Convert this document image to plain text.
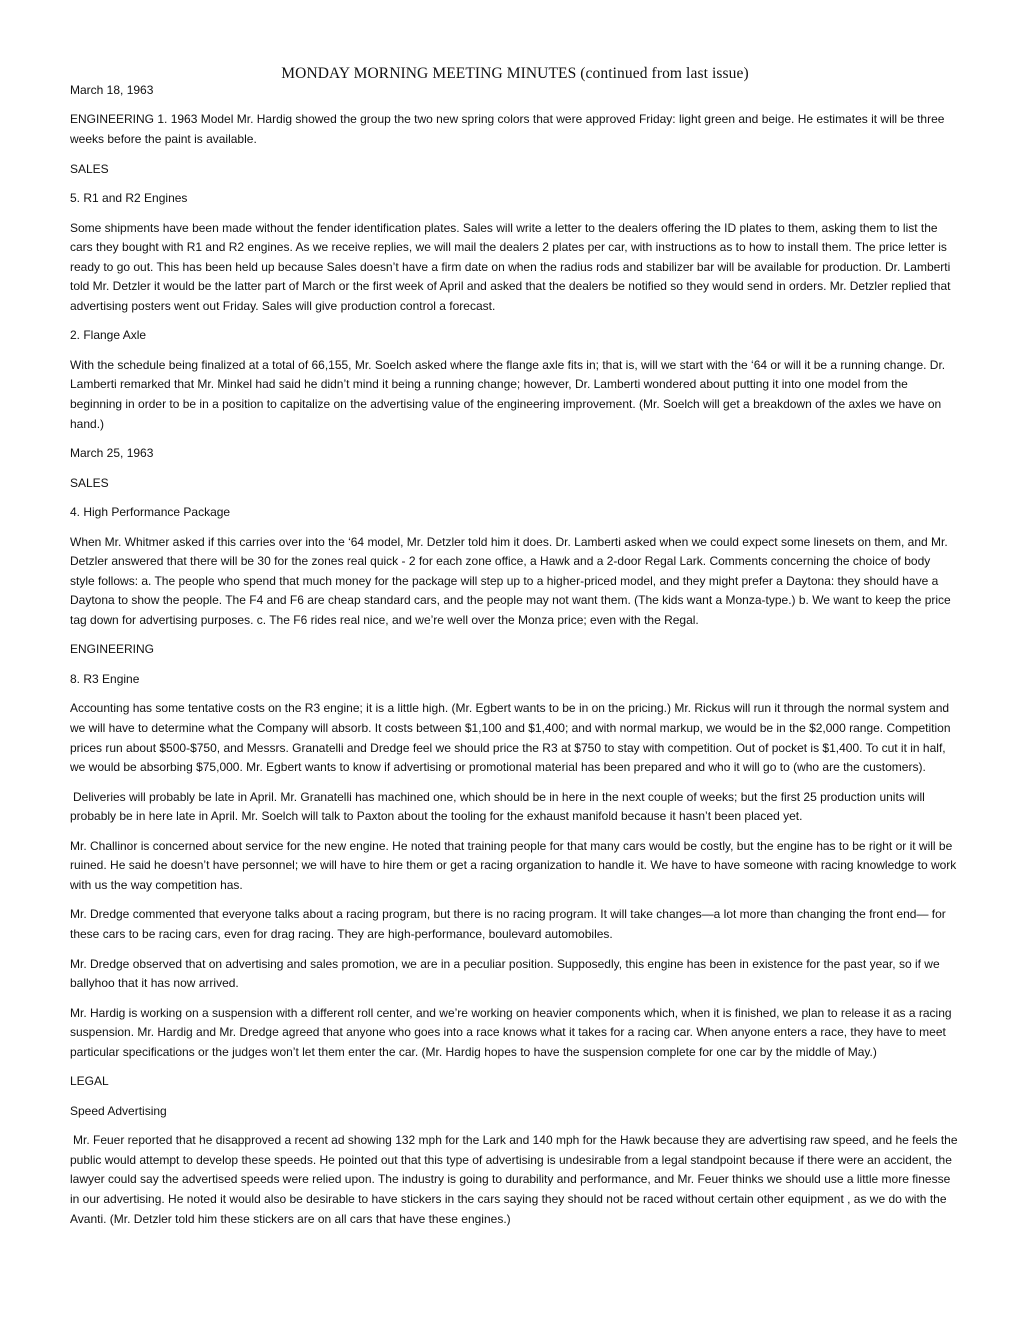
MONDAY MORNING MEETING MINUTES (continued from last issue)

March 18, 1963

ENGINEERING 1. 1963 Model Mr. Hardig showed the group the two new spring colors that were approved Friday: light green and beige. He estimates it will be three weeks before the paint is available.

SALES

5. R1 and R2 Engines

Some shipments have been made without the fender identification plates. Sales will write a letter to the dealers offering the ID plates to them, asking them to list the cars they bought with R1 and R2 engines. As we receive replies, we will mail the dealers 2 plates per car, with instructions as to how to install them. The price letter is ready to go out. This has been held up because Sales doesn’t have a firm date on when the radius rods and stabilizer bar will be available for production. Dr. Lamberti told Mr. Detzler it would be the latter part of March or the first week of April and asked that the dealers be notified so they would send in orders. Mr. Detzler replied that advertising posters went out Friday. Sales will give production control a forecast.

2. Flange Axle

With the schedule being finalized at a total of 66,155, Mr. Soelch asked where the flange axle fits in; that is, will we start with the ‘64 or will it be a running change. Dr. Lamberti remarked that Mr. Minkel had said he didn’t mind it being a running change; however, Dr. Lamberti wondered about putting it into one model from the beginning in order to be in a position to capitalize on the advertising value of the engineering improvement. (Mr. Soelch will get a breakdown of the axles we have on hand.)

March 25, 1963

SALES

4. High Performance Package

When Mr. Whitmer asked if this carries over into the ‘64 model, Mr. Detzler told him it does. Dr. Lamberti asked when we could expect some linesets on them, and Mr. Detzler answered that there will be 30 for the zones real quick - 2 for each zone office, a Hawk and a 2-door Regal Lark. Comments concerning the choice of body style follows: a. The people who spend that much money for the package will step up to a higher-priced model, and they might prefer a Daytona: they should have a Daytona to show the people. The F4 and F6 are cheap standard cars, and the people may not want them. (The kids want a Monza-type.) b. We want to keep the price tag down for advertising purposes. c. The F6 rides real nice, and we’re well over the Monza price; even with the Regal.

ENGINEERING

8. R3 Engine

Accounting has some tentative costs on the R3 engine; it is a little high. (Mr. Egbert wants to be in on the pricing.) Mr. Rickus will run it through the normal system and we will have to determine what the Company will absorb. It costs between $1,100 and $1,400; and with normal markup, we would be in the $2,000 range. Competition prices run about $500-$750, and Messrs. Granatelli and Dredge feel we should price the R3 at $750 to stay with competition. Out of pocket is $1,400. To cut it in half, we would be absorbing $75,000. Mr. Egbert wants to know if advertising or promotional material has been prepared and who it will go to (who are the customers).

Deliveries will probably be late in April. Mr. Granatelli has machined one, which should be in here in the next couple of weeks; but the first 25 production units will probably be in here late in April. Mr. Soelch will talk to Paxton about the tooling for the exhaust manifold because it hasn’t been placed yet.

Mr. Challinor is concerned about service for the new engine. He noted that training people for that many cars would be costly, but the engine has to be right or it will be ruined. He said he doesn’t have personnel; we will have to hire them or get a racing organization to handle it. We have to have someone with racing knowledge to work with us the way competition has.

Mr. Dredge commented that everyone talks about a racing program, but there is no racing program. It will take changes—a lot more than changing the front end— for these cars to be racing cars, even for drag racing. They are high-performance, boulevard automobiles.

Mr. Dredge observed that on advertising and sales promotion, we are in a peculiar position. Supposedly, this engine has been in existence for the past year, so if we ballyhoo that it has now arrived.

Mr. Hardig is working on a suspension with a different roll center, and we’re working on heavier components which, when it is finished, we plan to release it as a racing suspension. Mr. Hardig and Mr. Dredge agreed that anyone who goes into a race knows what it takes for a racing car. When anyone enters a race, they have to meet particular specifications or the judges won’t let them enter the car. (Mr. Hardig hopes to have the suspension complete for one car by the middle of May.)

LEGAL

Speed Advertising

Mr. Feuer reported that he disapproved a recent ad showing 132 mph for the Lark and 140 mph for the Hawk because they are advertising raw speed, and he feels the public would attempt to develop these speeds. He pointed out that this type of advertising is undesirable from a legal standpoint because if there were an accident, the lawyer could say the advertised speeds were relied upon. The industry is going to durability and performance, and Mr. Feuer thinks we should use a little more finesse in our advertising. He noted it would also be desirable to have stickers in the cars saying they should not be raced without certain other equipment , as we do with the Avanti. (Mr. Detzler told him these stickers are on all cars that have these engines.)
